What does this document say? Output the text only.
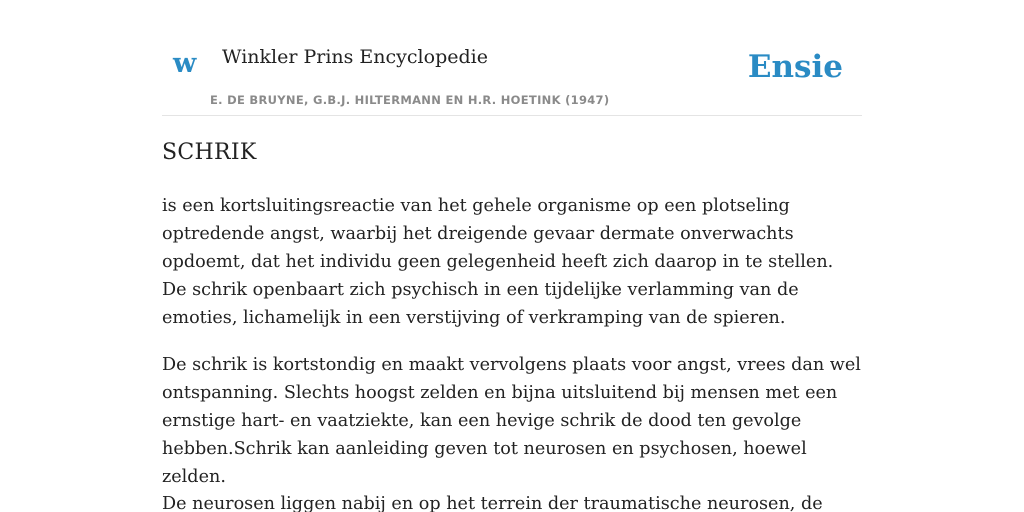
w Winkler Prins Encyclopedie
E. DE BRUYNE, G.B.J. HILTERMANN EN H.R. HOETINK (1947)
Ensie
SCHRIK

is een kortsluitingsreactie van het gehele organisme op een plotseling optredende angst, waarbij het dreigende gevaar dermate onverwachts opdoemt, dat het individu geen gelegenheid heeft zich daarop in te stellen. De schrik openbaart zich psychisch in een tijdelijke verlamming van de emoties, lichamelijk in een verstijving of verkramping van de spieren.

De schrik is kortstondig en maakt vervolgens plaats voor angst, vrees dan wel ontspanning. Slechts hoogst zelden en bijna uitsluitend bij mensen met een ernstige hart- en vaatziekte, kan een hevige schrik de dood ten gevolge hebben.Schrik kan aanleiding geven tot neurosen en psychosen, hoewel zelden.

De neurosen liggen nabij en op het terrein der traumatische neurosen, de
